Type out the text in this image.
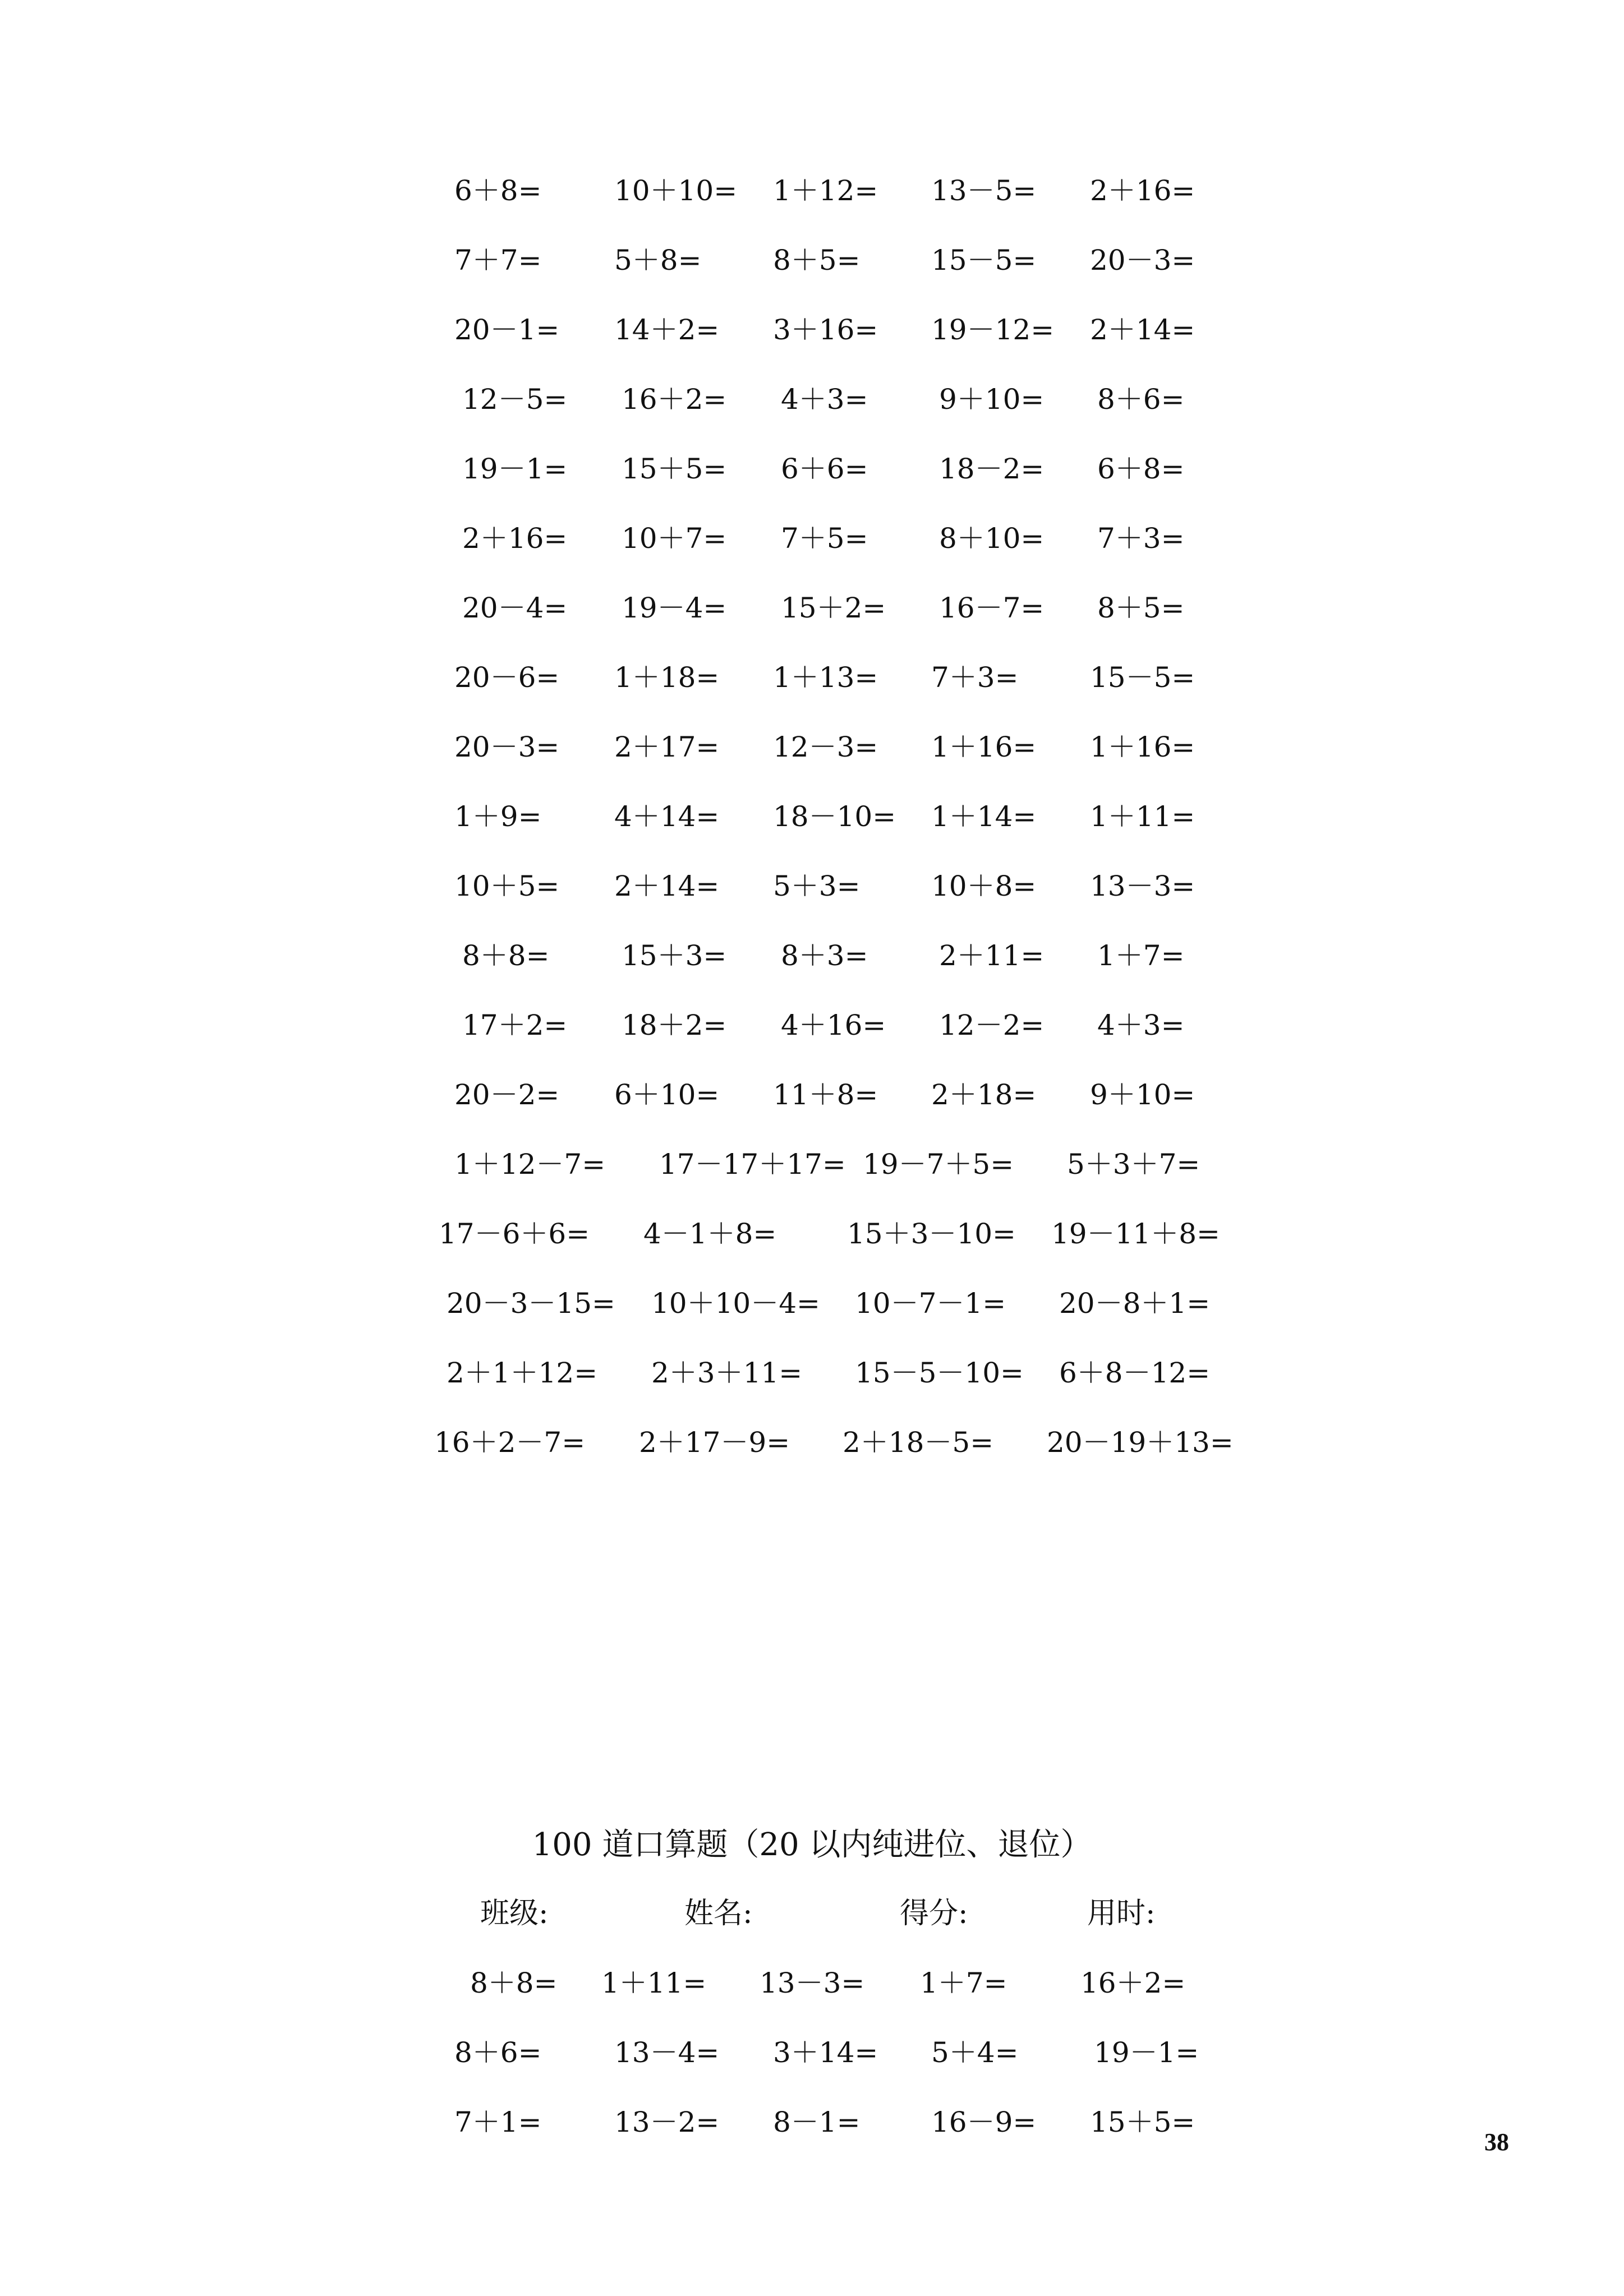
6＋8=	10＋10= 1＋12= 13－5= 2＋16=
7＋7=	5＋8=	8＋5=	15－5= 20－3=
20－1= 14＋2= 3＋16= 19－12= 2＋14=
12－5= 16＋2= 4＋3=	9＋10= 8＋6=
19－1= 15＋5= 6＋6=	18－2= 6＋8=
2＋16= 10＋7= 7＋5=	8＋10= 7＋3=
20－4= 19－4= 15＋2= 16－7= 8＋5=
20－6= 1＋18= 1＋13= 7＋3=	15－5=
20－3= 2＋17= 12－3= 1＋16= 1＋16=
1＋9=	4＋14= 18－10= 1＋14= 1＋11=
10＋5= 2＋14= 5＋3=	10＋8= 13－3=
8＋8=	15＋3= 8＋3=	2＋11= 1＋7=
17＋2= 18＋2= 4＋16= 12－2= 4＋3=
20－2= 6＋10= 11＋8= 2＋18= 9＋10=
1＋12－7= 17－17＋17= 19－7＋5= 5＋3＋7=
17－6＋6= 4－1＋8=	15＋3－10= 19－11＋8=
20－3－15= 10＋10－4= 10－7－1= 20－8＋1=
2＋1＋12= 2＋3＋11= 15－5－10= 6＋8－12=
16＋2－7= 2＋17－9= 2＋18－5= 20－19＋13=
100 道口算题（20 以内纯进位、退位）
班级:	姓名:	得分:	用时:
8＋8= 1＋11= 13－3= 1＋7=	16＋2=
8＋6=	13－4= 3＋14= 5＋4=	19－1=
7＋1=	13－2= 8－1=	16－9= 15＋5=
38
